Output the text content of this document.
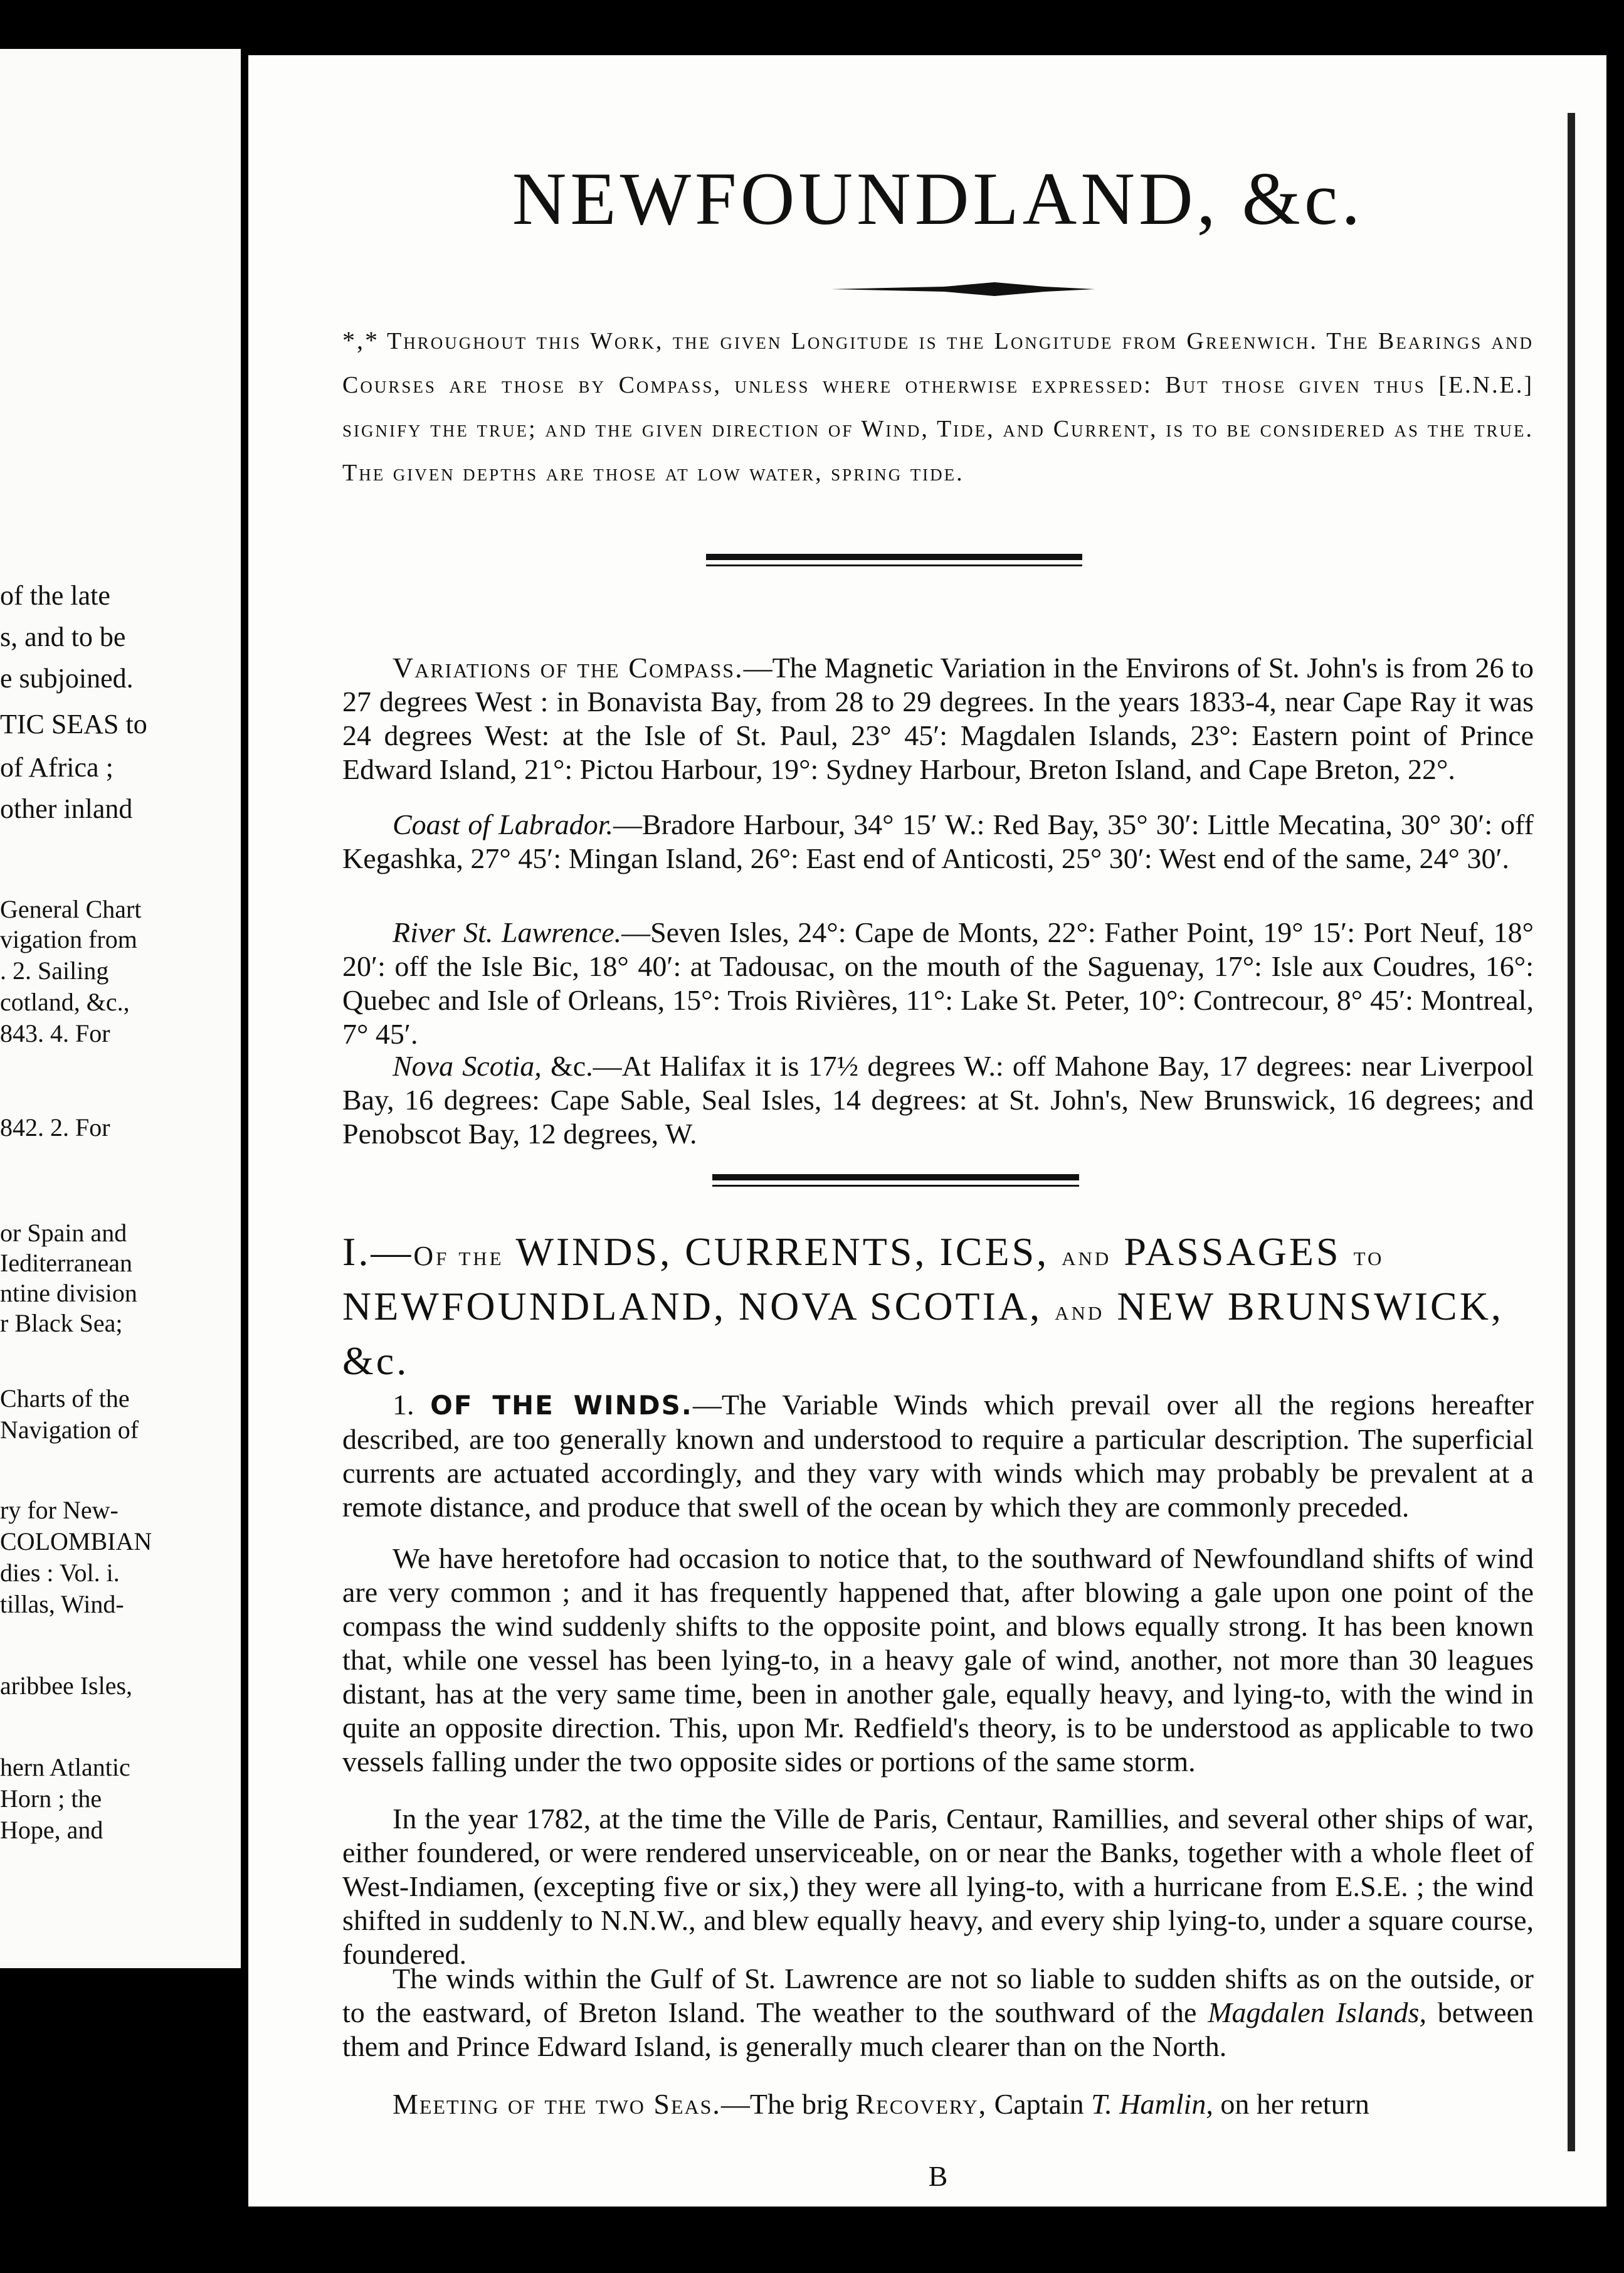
of the late
s, and to be
e subjoined.
TIC SEAS to
of Africa ;
other inland
General Chart
vigation from
. 2. Sailing
cotland, &c.,
843. 4. For
842. 2. For
or Spain and
Iediterranean
ntine division
r Black Sea;
Charts of the
Navigation of
ry for New-
COLOMBIAN
dies : Vol. i.
tillas, Wind-
aribbee Isles,
hern Atlantic
Horn ; the
Hope, and
NEWFOUNDLAND, &c.
*,* Throughout this Work, the given Longitude is the Longitude from Greenwich. The Bearings and Courses are those by Compass, unless where otherwise expressed: But those given thus [E.N.E.] signify the true; and the given direction of Wind, Tide, and Current, is to be considered as the true. The given depths are those at low water, spring tide.
Variations of the Compass.—The Magnetic Variation in the Environs of St. John's is from 26 to 27 degrees West : in Bonavista Bay, from 28 to 29 degrees. In the years 1833-4, near Cape Ray it was 24 degrees West: at the Isle of St. Paul, 23° 45′: Magdalen Islands, 23°: Eastern point of Prince Edward Island, 21°: Pictou Harbour, 19°: Sydney Harbour, Breton Island, and Cape Breton, 22°.
Coast of Labrador.—Bradore Harbour, 34° 15′ W.: Red Bay, 35° 30′: Little Mecatina, 30° 30′: off Kegashka, 27° 45′: Mingan Island, 26°: East end of Anticosti, 25° 30′: West end of the same, 24° 30′.
River St. Lawrence.—Seven Isles, 24°: Cape de Monts, 22°: Father Point, 19° 15′: Port Neuf, 18° 20′: off the Isle Bic, 18° 40′: at Tadousac, on the mouth of the Saguenay, 17°: Isle aux Coudres, 16°: Quebec and Isle of Orleans, 15°: Trois Rivières, 11°: Lake St. Peter, 10°: Contrecour, 8° 45′: Montreal, 7° 45′.
Nova Scotia, &c.—At Halifax it is 17½ degrees W.: off Mahone Bay, 17 degrees: near Liverpool Bay, 16 degrees: Cape Sable, Seal Isles, 14 degrees: at St. John's, New Brunswick, 16 degrees; and Penobscot Bay, 12 degrees, W.
I.—Of the WINDS, CURRENTS, ICES, and PASSAGES to NEWFOUNDLAND, NOVA SCOTIA, and NEW BRUNSWICK, &c.
1. OF THE WINDS.—The Variable Winds which prevail over all the regions hereafter described, are too generally known and understood to require a particular description. The superficial currents are actuated accordingly, and they vary with winds which may probably be prevalent at a remote distance, and produce that swell of the ocean by which they are commonly preceded.
We have heretofore had occasion to notice that, to the southward of Newfoundland shifts of wind are very common ; and it has frequently happened that, after blowing a gale upon one point of the compass the wind suddenly shifts to the opposite point, and blows equally strong. It has been known that, while one vessel has been lying-to, in a heavy gale of wind, another, not more than 30 leagues distant, has at the very same time, been in another gale, equally heavy, and lying-to, with the wind in quite an opposite direction. This, upon Mr. Redfield's theory, is to be understood as applicable to two vessels falling under the two opposite sides or portions of the same storm.
In the year 1782, at the time the Ville de Paris, Centaur, Ramillies, and several other ships of war, either foundered, or were rendered unserviceable, on or near the Banks, together with a whole fleet of West-Indiamen, (excepting five or six,) they were all lying-to, with a hurricane from E.S.E. ; the wind shifted in suddenly to N.N.W., and blew equally heavy, and every ship lying-to, under a square course, foundered.
The winds within the Gulf of St. Lawrence are not so liable to sudden shifts as on the outside, or to the eastward, of Breton Island. The weather to the southward of the Magdalen Islands, between them and Prince Edward Island, is generally much clearer than on the North.
Meeting of the two Seas.—The brig Recovery, Captain T. Hamlin, on her return
B
